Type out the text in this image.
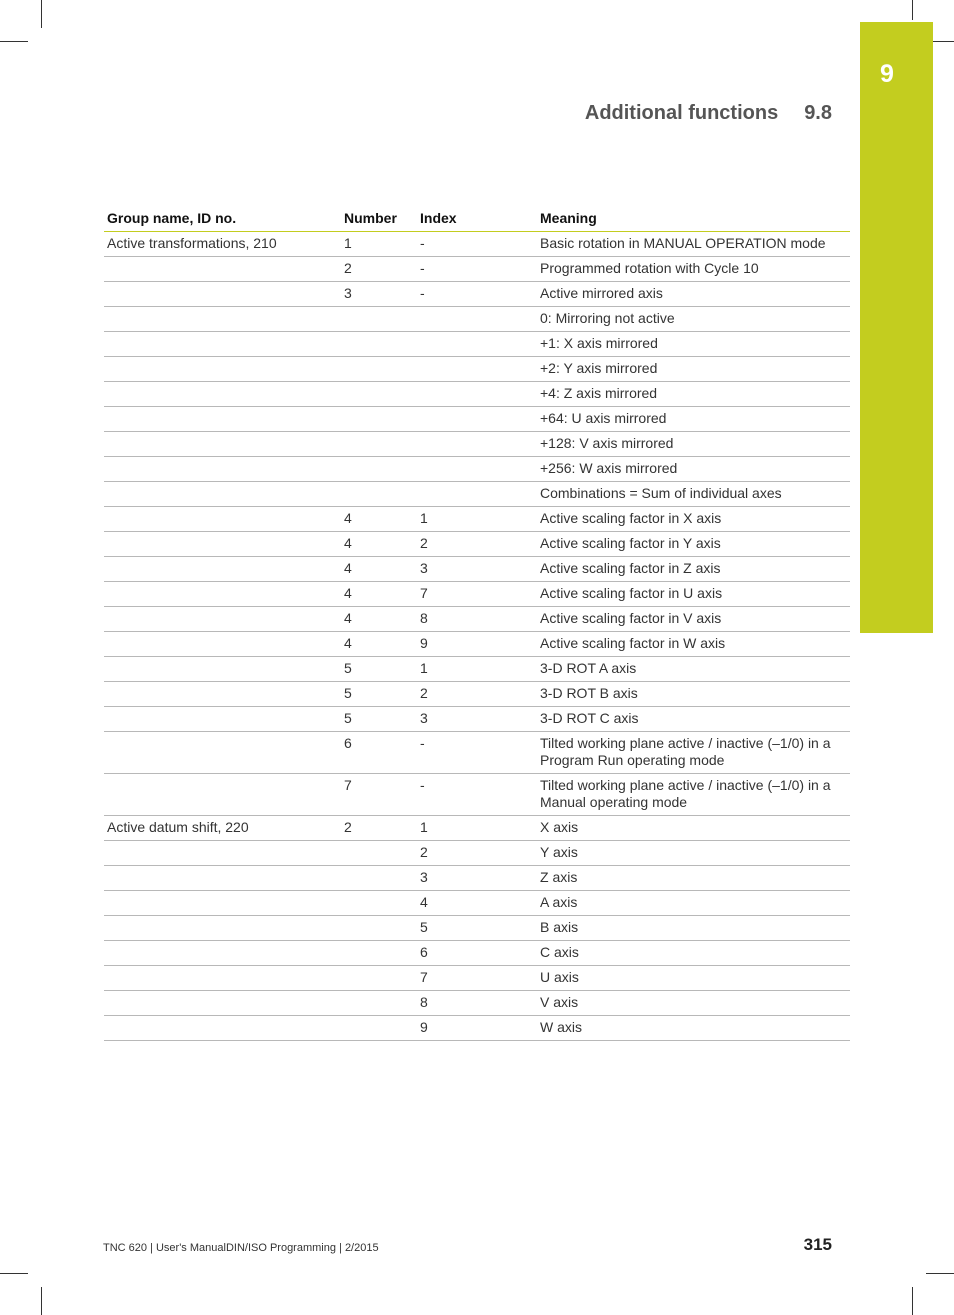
9
Additional functions 9.8
Group name, ID no.	Number	Index	Meaning
Active transformations, 210	1	-	Basic rotation in MANUAL OPERATION mode
	2	-	Programmed rotation with Cycle 10
	3	-	Active mirrored axis
			0: Mirroring not active
			+1: X axis mirrored
			+2: Y axis mirrored
			+4: Z axis mirrored
			+64: U axis mirrored
			+128: V axis mirrored
			+256: W axis mirrored
			Combinations = Sum of individual axes
	4	1	Active scaling factor in X axis
	4	2	Active scaling factor in Y axis
	4	3	Active scaling factor in Z axis
	4	7	Active scaling factor in U axis
	4	8	Active scaling factor in V axis
	4	9	Active scaling factor in W axis
	5	1	3-D ROT A axis
	5	2	3-D ROT B axis
	5	3	3-D ROT C axis
	6	-	Tilted working plane active / inactive (–1/0) in a Program Run operating mode
	7	-	Tilted working plane active / inactive (–1/0) in a Manual operating mode
Active datum shift, 220	2	1	X axis
		2	Y axis
		3	Z axis
		4	A axis
		5	B axis
		6	C axis
		7	U axis
		8	V axis
		9	W axis
TNC 620 | User's ManualDIN/ISO Programming | 2/2015	315
